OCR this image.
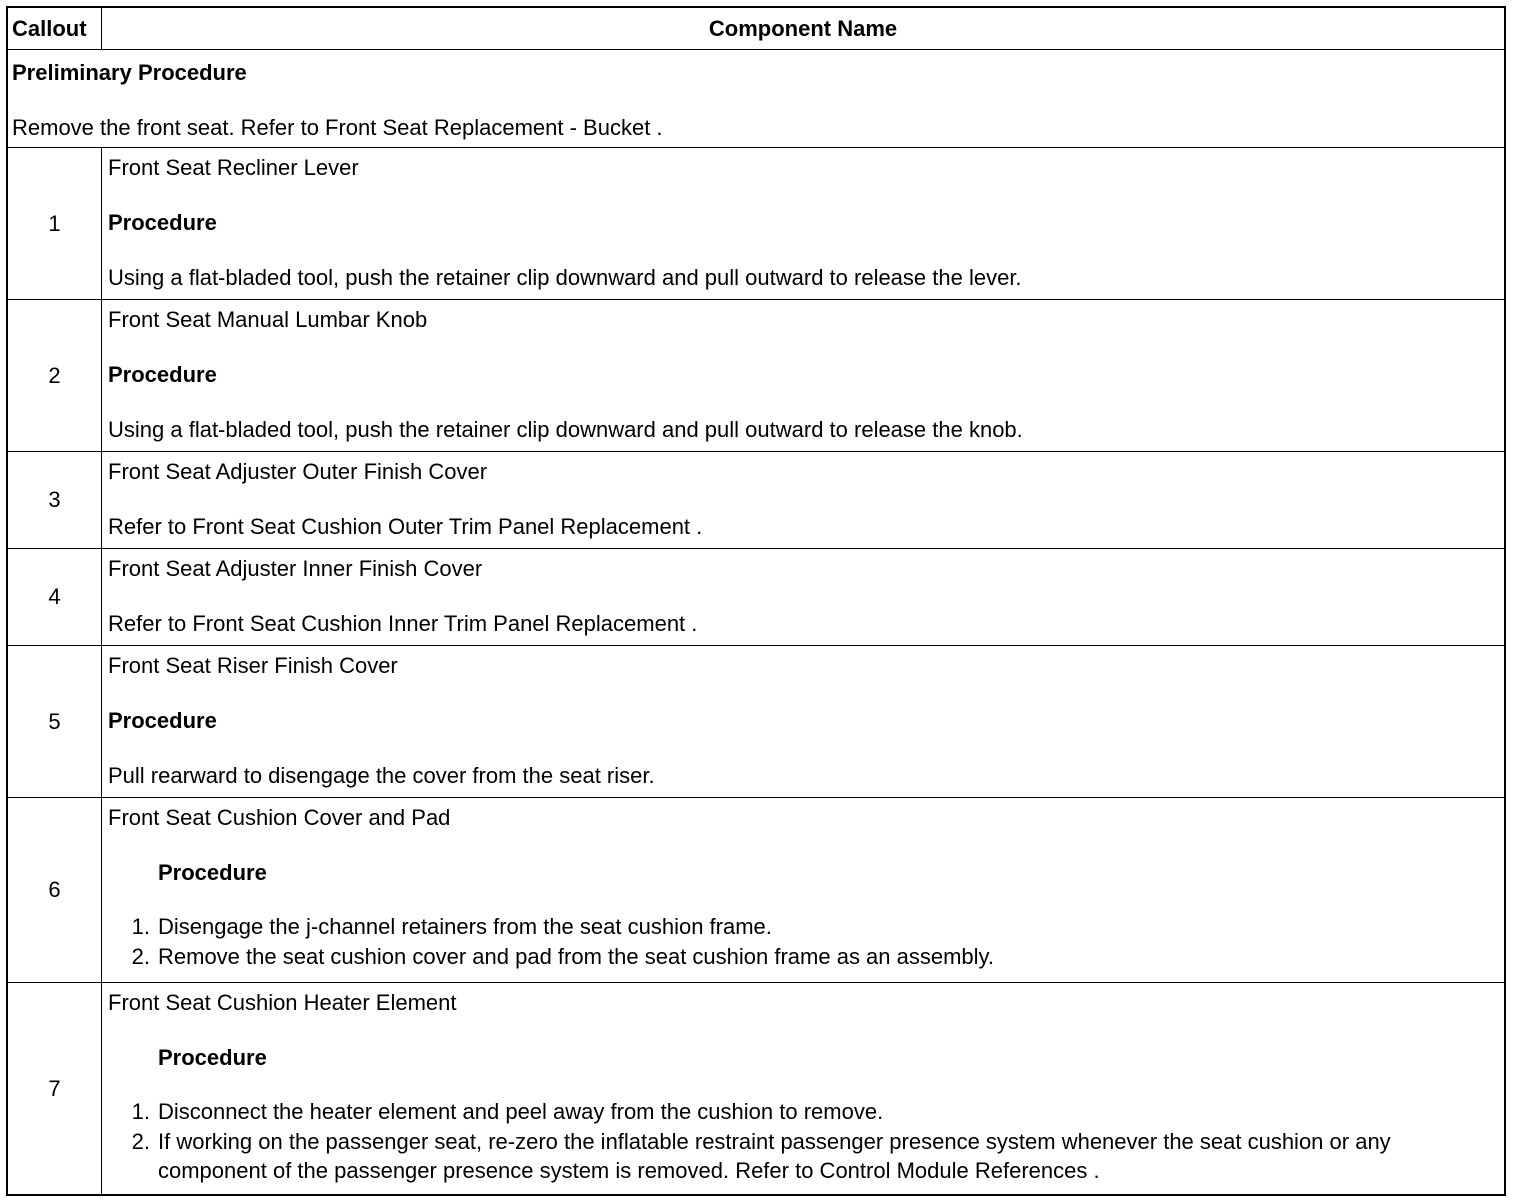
Callout	Component Name
Preliminary Procedure
Remove the front seat. Refer to Front Seat Replacement - Bucket .
1
Front Seat Recliner Lever
Procedure
Using a flat-bladed tool, push the retainer clip downward and pull outward to release the lever.
2
Front Seat Manual Lumbar Knob
Procedure
Using a flat-bladed tool, push the retainer clip downward and pull outward to release the knob.
3
Front Seat Adjuster Outer Finish Cover
Refer to Front Seat Cushion Outer Trim Panel Replacement .
4
Front Seat Adjuster Inner Finish Cover
Refer to Front Seat Cushion Inner Trim Panel Replacement .
5
Front Seat Riser Finish Cover
Procedure
Pull rearward to disengage the cover from the seat riser.
6
Front Seat Cushion Cover and Pad
Procedure
1. Disengage the j-channel retainers from the seat cushion frame.
2. Remove the seat cushion cover and pad from the seat cushion frame as an assembly.
7
Front Seat Cushion Heater Element
Procedure
1. Disconnect the heater element and peel away from the cushion to remove.
2. If working on the passenger seat, re-zero the inflatable restraint passenger presence system whenever the seat cushion or any component of the passenger presence system is removed. Refer to Control Module References .
